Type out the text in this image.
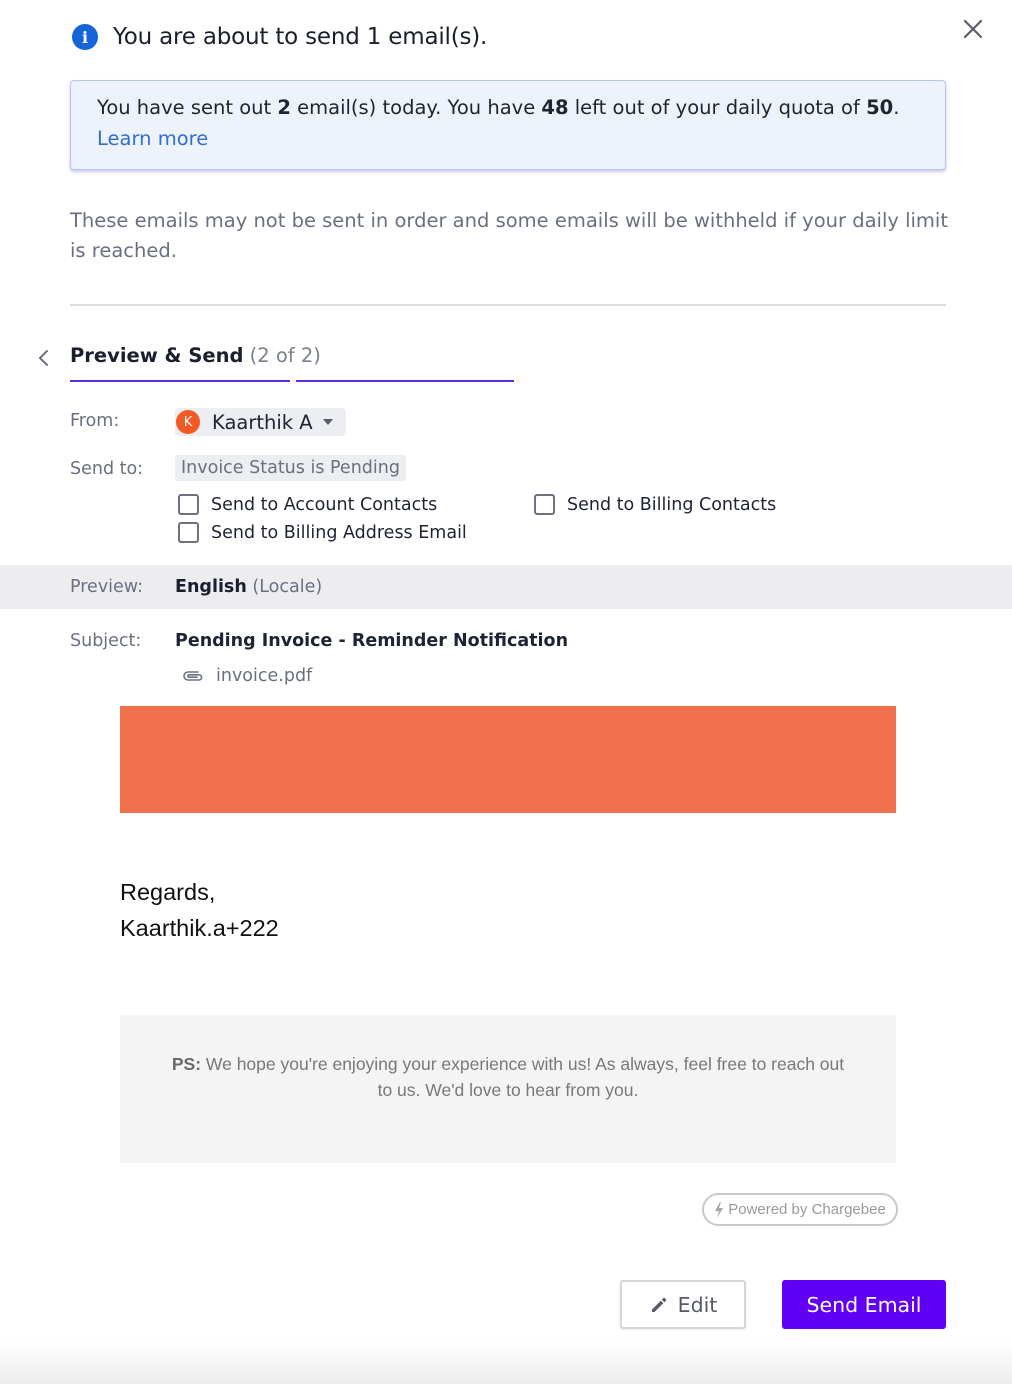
i	You are about to send 1 email(s).
You have sent out 2 email(s) today. You have 48 left out of your daily quota of 50.
Learn more
These emails may not be sent in order and some emails will be withheld if your daily limit is reached.
Preview & Send (2 of 2)
From:	K	Kaarthik A
Send to:	Invoice Status is Pending
Send to Account Contacts	Send to Billing Contacts
Send to Billing Address Email
Preview: English (Locale)
Subject: Pending Invoice - Reminder Notification
invoice.pdf
Regards,
Kaarthik.a+222
PS: We hope you're enjoying your experience with us! As always, feel free to reach out to us. We'd love to hear from you.
Powered by Chargebee
Edit	Send Email
